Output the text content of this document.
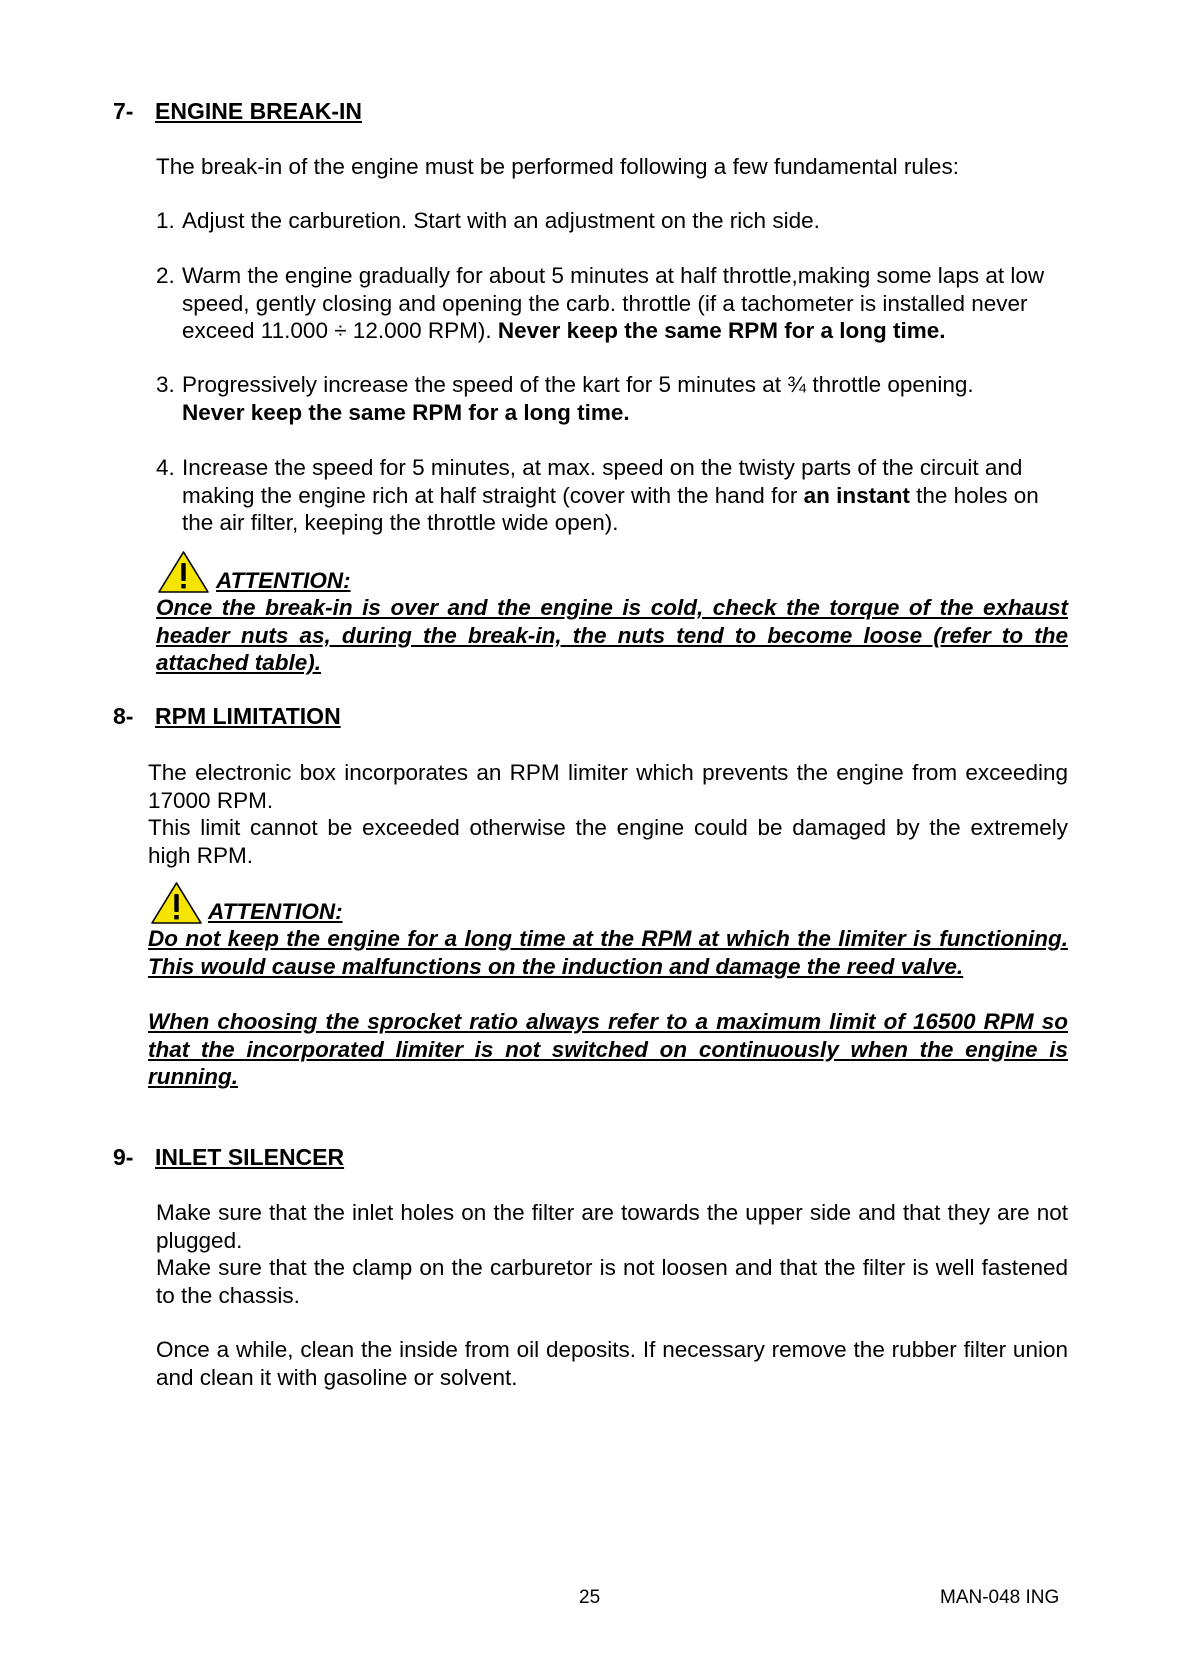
7- ENGINE BREAK-IN
The break-in of the engine must be performed following a few fundamental rules:
1. Adjust the carburetion. Start with an adjustment on the rich side.
2. Warm the engine gradually for about 5 minutes at half throttle,making some laps at low speed, gently closing and opening the carb. throttle (if a tachometer is installed never exceed 11.000 ÷ 12.000 RPM). Never keep the same RPM for a long time.
3. Progressively increase the speed of the kart for 5 minutes at ¾ throttle opening.
Never keep the same RPM for a long time.
4. Increase the speed for 5 minutes, at max. speed on the twisty parts of the circuit and making the engine rich at half straight (cover with the hand for an instant the holes on the air filter, keeping the throttle wide open).
ATTENTION:
Once the break-in is over and the engine is cold, check the torque of the exhaust header nuts as, during the break-in, the nuts tend to become loose (refer to the attached table).
8- RPM LIMITATION
The electronic box incorporates an RPM limiter which prevents the engine from exceeding 17000 RPM.
This limit cannot be exceeded otherwise the engine could be damaged by the extremely high RPM.
ATTENTION:
Do not keep the engine for a long time at the RPM at which the limiter is functioning. This would cause malfunctions on the induction and damage the reed valve.
When choosing the sprocket ratio always refer to a maximum limit of 16500 RPM so that the incorporated limiter is not switched on continuously when the engine is running.
9- INLET SILENCER
Make sure that the inlet holes on the filter are towards the upper side and that they are not plugged.
Make sure that the clamp on the carburetor is not loosen and that the filter is well fastened to the chassis.
Once a while, clean the inside from oil deposits. If necessary remove the rubber filter union and clean it with gasoline or solvent.
25	MAN-048 ING
